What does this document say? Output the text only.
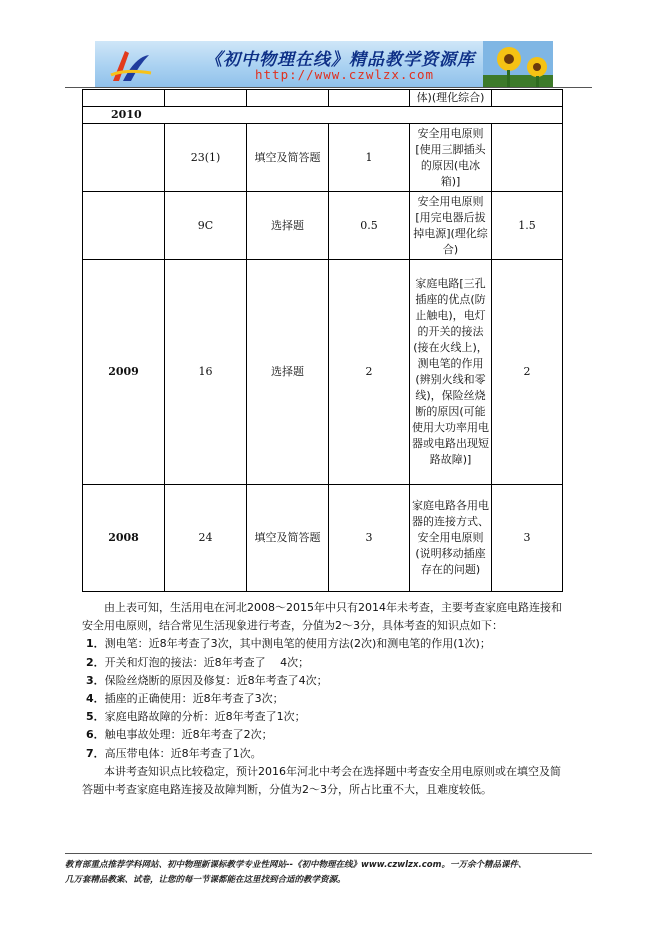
《初中物理在线》精品教学资源库
http://www.czwlzx.com
				体)(理化综合)	
2010					
	23(1)	填空及简答题	1	安全用电原则[使用三脚插头的原因(电冰箱)]	
	9C	选择题	0.5	安全用电原则[用完电器后拔掉电源](理化综合)	1.5
2009	16	选择题	2	家庭电路[三孔插座的优点(防止触电)，电灯的开关的接法(接在火线上)，测电笔的作用(辨别火线和零线)，保险丝烧断的原因(可能使用大功率用电器或电路出现短路故障)]	2
2008	24	填空及简答题	3	家庭电路各用电器的连接方式、安全用电原则(说明移动插座存在的问题)	3

由上表可知，生活用电在河北2008～2015年中只有2014年未考查，主要考查家庭电路连接和安全用电原则，结合常见生活现象进行考查，分值为2～3分，具体考查的知识点如下：

1．测电笔：近8年考查了3次，其中测电笔的使用方法(2次)和测电笔的作用(1次)；
2．开关和灯泡的接法：近8年考查了　 4次；
3．保险丝烧断的原因及修复：近8年考查了4次；
4．插座的正确使用：近8年考查了3次；
5．家庭电路故障的分析：近8年考查了1次；
6．触电事故处理：近8年考查了2次；
7．高压带电体：近8年考查了1次。

本讲考查知识点比较稳定，预计2016年河北中考会在选择题中考查安全用电原则或在填空及简答题中考查家庭电路连接及故障判断，分值为2～3分，所占比重不大，且难度较低。

教育部重点推荐学科网站、初中物理新课标教学专业性网站--《初中物理在线》www.czwlzx.com。一万余个精品课件、
几万套精品教案、试卷，让您的每一节课都能在这里找到合适的教学资源。
